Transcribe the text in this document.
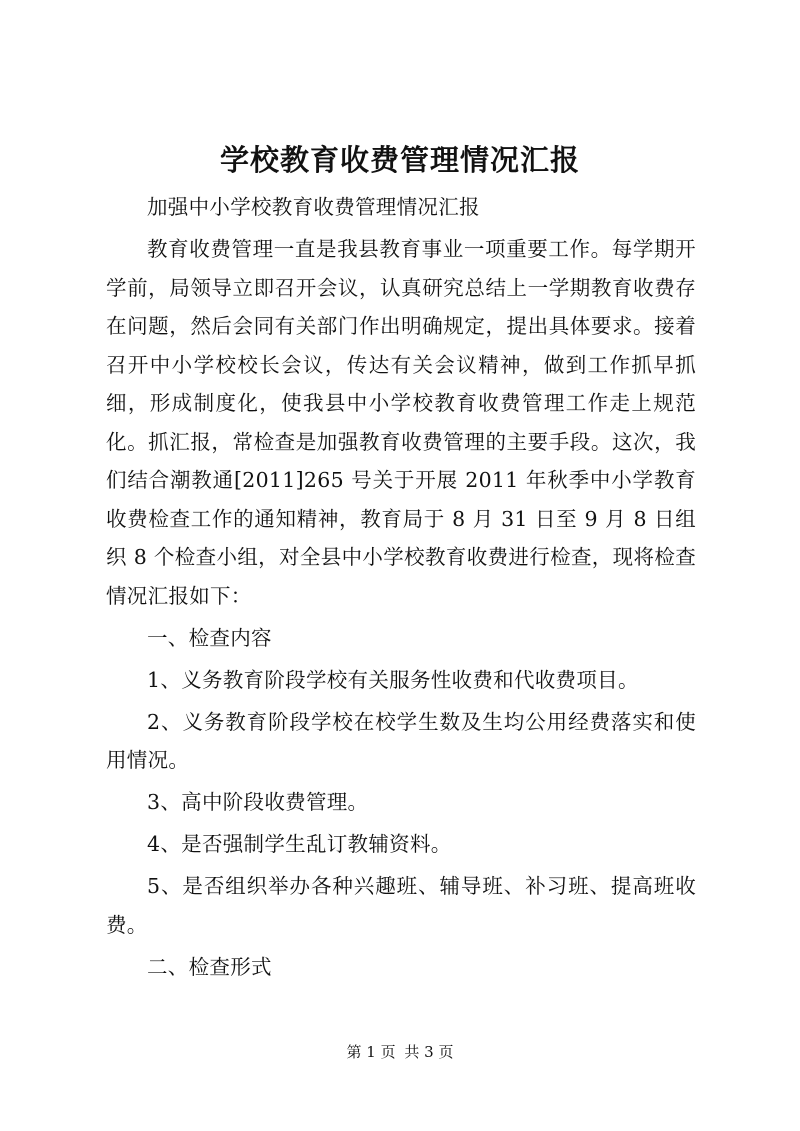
学校教育收费管理情况汇报

加强中小学校教育收费管理情况汇报

教育收费管理一直是我县教育事业一项重要工作。每学期开学前，局领导立即召开会议，认真研究总结上一学期教育收费存在问题，然后会同有关部门作出明确规定，提出具体要求。接着召开中小学校校长会议，传达有关会议精神，做到工作抓早抓细，形成制度化，使我县中小学校教育收费管理工作走上规范化。抓汇报，常检查是加强教育收费管理的主要手段。这次，我们结合潮教通[2011]265 号关于开展 2011 年秋季中小学教育收费检查工作的通知精神，教育局于 8 月 31 日至 9 月 8 日组织 8 个检查小组，对全县中小学校教育收费进行检查，现将检查情况汇报如下：

一、检查内容

1、义务教育阶段学校有关服务性收费和代收费项目。

2、义务教育阶段学校在校学生数及生均公用经费落实和使用情况。

3、高中阶段收费管理。

4、是否强制学生乱订教辅资料。

5、是否组织举办各种兴趣班、辅导班、补习班、提高班收费。

二、检查形式

第 1 页 共 3 页
